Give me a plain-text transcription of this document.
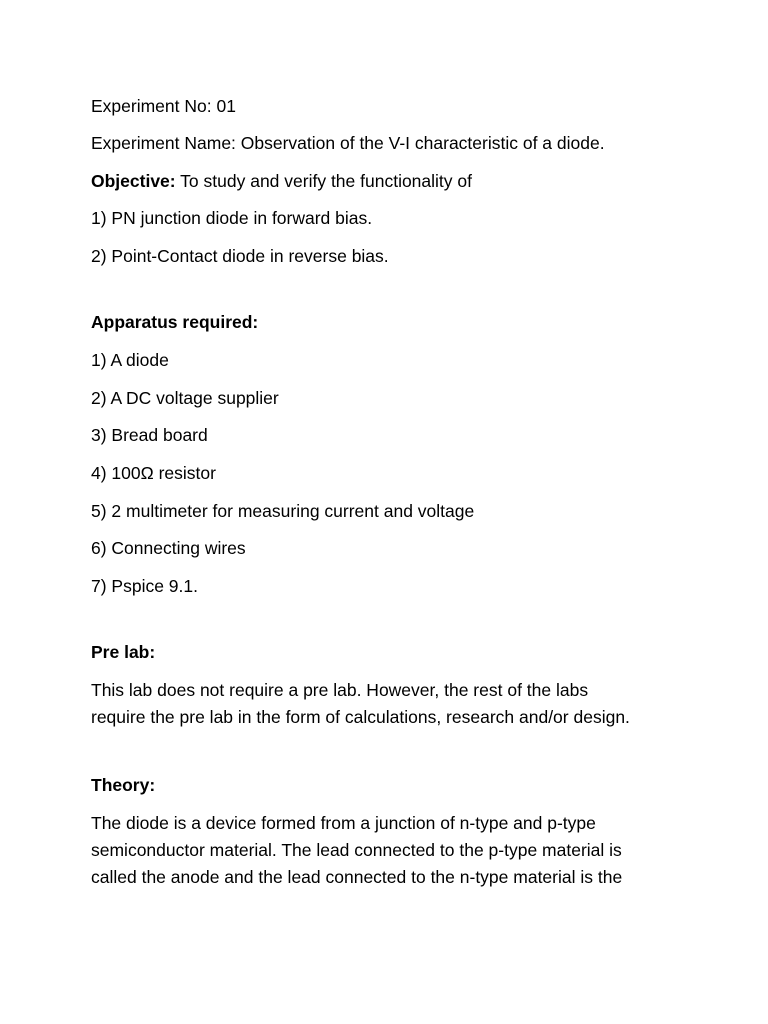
Experiment No: 01
Experiment Name: Observation of the V-I characteristic of a diode.
Objective: To study and verify the functionality of
1) PN junction diode in forward bias.
2) Point-Contact diode in reverse bias.
Apparatus required:
1) A diode
2) A DC voltage supplier
3) Bread board
4) 100Ω resistor
5) 2 multimeter for measuring current and voltage
6) Connecting wires
7) Pspice 9.1.
Pre lab:
This lab does not require a pre lab. However, the rest of the labs
require the pre lab in the form of calculations, research and/or design.
Theory:
The diode is a device formed from a junction of n-type and p-type
semiconductor material. The lead connected to the p-type material is
called the anode and the lead connected to the n-type material is the
